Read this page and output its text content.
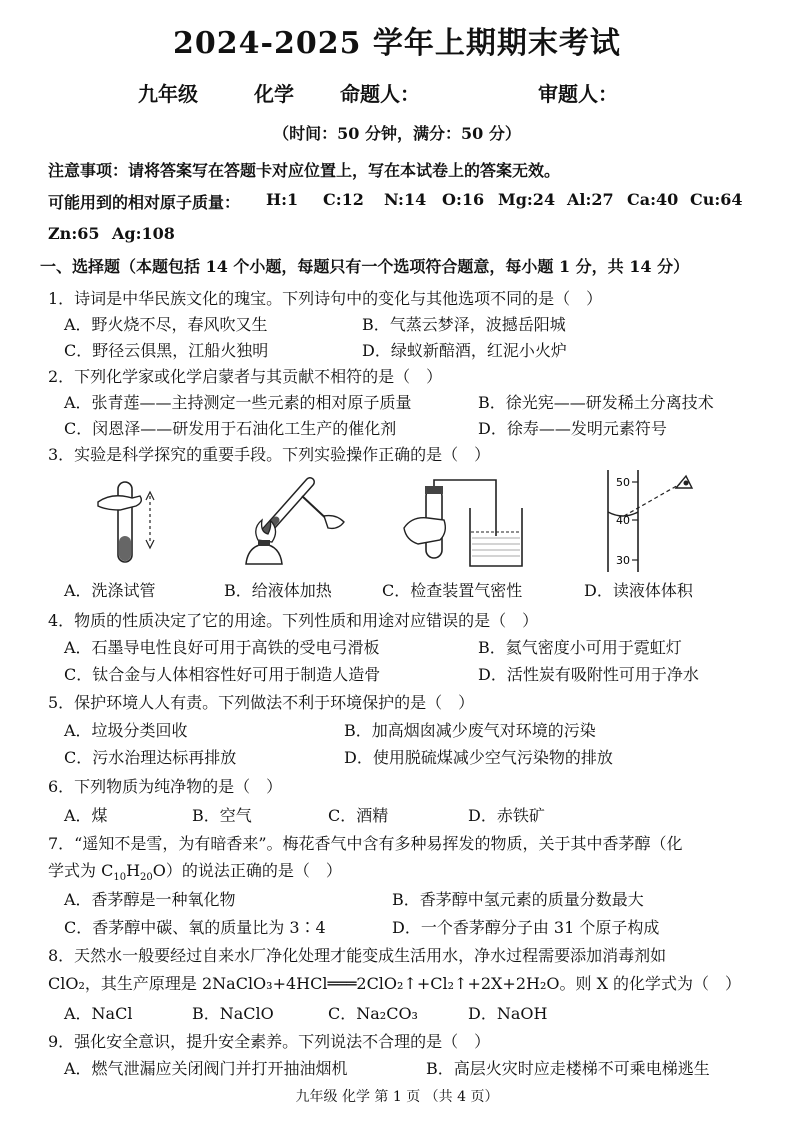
2024-2025 学年上期期末考试
九年级	化学 命题人：	审题人：
（时间：50 分钟，满分：50 分）
注意事项：请将答案写在答题卡对应位置上，写在本试卷上的答案无效。
可能用到的相对原子质量： H:1 C:12 N:14 O:16 Mg:24 Al:27 Ca:40 Cu:64
Zn:65 Ag:108
一、选择题（本题包括 14 个小题，每题只有一个选项符合题意，每小题 1 分，共 14 分）
1．诗词是中华民族文化的瑰宝。下列诗句中的变化与其他选项不同的是（　）
A．野火烧不尽，春风吹又生	B．气蒸云梦泽，波撼岳阳城
C．野径云俱黑，江船火独明	D．绿蚁新醅酒，红泥小火炉
2．下列化学家或化学启蒙者与其贡献不相符的是（　）
A．张青莲——主持测定一些元素的相对原子质量	B．徐光宪——研发稀土分离技术
C．闵恩泽——研发用于石油化工生产的催化剂	D．徐寿——发明元素符号
3．实验是科学探究的重要手段。下列实验操作正确的是（　）
50
40
30
A．洗涤试管	B．给液体加热	C．检查装置气密性	D．读液体体积
4．物质的性质决定了它的用途。下列性质和用途对应错误的是（　）
A．石墨导电性良好可用于高铁的受电弓滑板	B．氦气密度小可用于霓虹灯
C．钛合金与人体相容性好可用于制造人造骨	D．活性炭有吸附性可用于净水
5．保护环境人人有责。下列做法不利于环境保护的是（　）
A．垃圾分类回收	B．加高烟囱减少废气对环境的污染
C．污水治理达标再排放	D．使用脱硫煤减少空气污染物的排放
6．下列物质为纯净物的是（　）
A．煤	B．空气	C．酒精	D．赤铁矿
7．“遥知不是雪，为有暗香来”。梅花香气中含有多种易挥发的物质，关于其中香茅醇（化
学式为 $C_{10}H_{20}O$）的说法正确的是（　）
A．香茅醇是一种氧化物	B．香茅醇中氢元素的质量分数最大
C．香茅醇中碳、氧的质量比为 3∶4	D．一个香茅醇分子由 31 个原子构成
8．天然水一般要经过自来水厂净化处理才能变成生活用水，净水过程需要添加消毒剂如
ClO₂，其生产原理是 2NaClO₃+4HCl═══2ClO₂↑+Cl₂↑+2X+2H₂O。则 X 的化学式为（　）
A．NaCl	B．NaClO	C．Na₂CO₃	D．NaOH
9．强化安全意识，提升安全素养。下列说法不合理的是（　）
A．燃气泄漏应关闭阀门并打开抽油烟机	B．高层火灾时应走楼梯不可乘电梯逃生
九年级 化学 第 1 页 （共 4 页）
